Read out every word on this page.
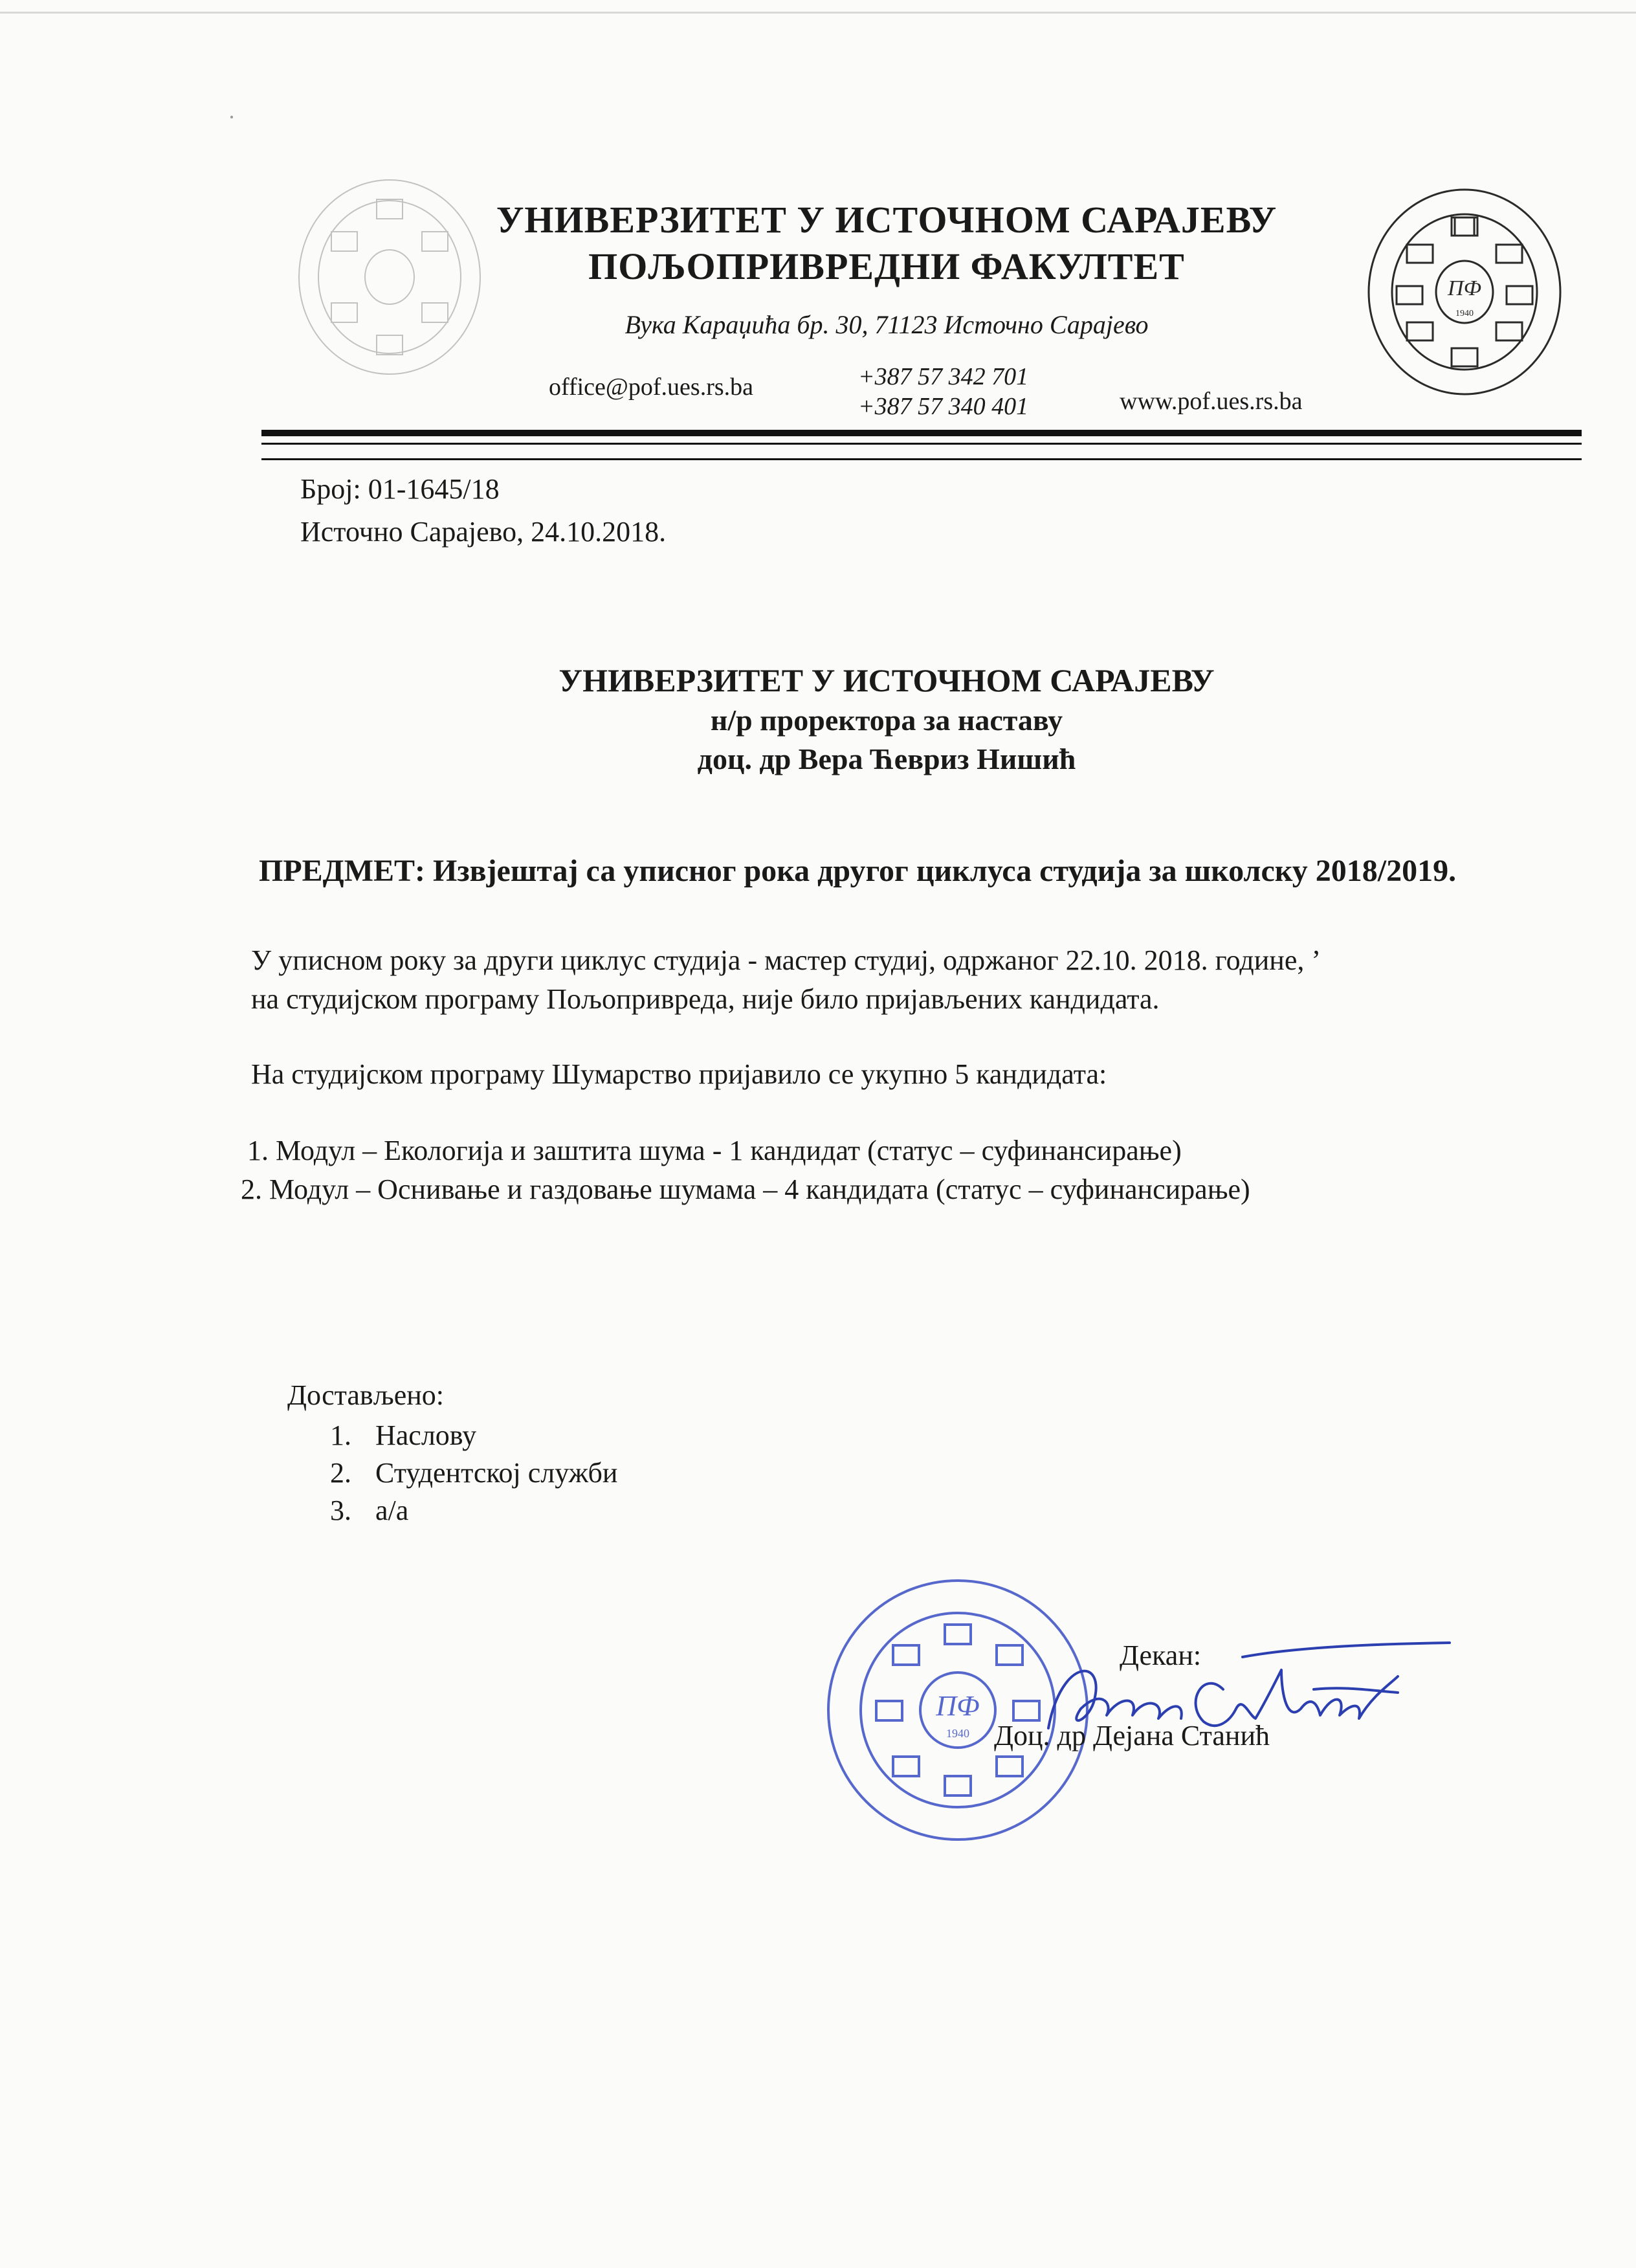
·
УНИВЕРЗИТЕТ У ИСТОЧНОМ САРАЈЕВУ
ПОЉОПРИВРЕДНИ ФАКУЛТЕТ
Вука Караџића бр. 30, 71123 Источно Сарајево
office@pof.ues.rs.ba	+387 57 342 701
+387 57 340 401	www.pof.ues.rs.ba
ПФ
1940
Број: 01-1645/18
Источно Сарајево, 24.10.2018.
УНИВЕРЗИТЕТ У ИСТОЧНОМ САРАЈЕВУ
н/р проректора за наставу
доц. др Вера Ћевриз Нишић
ПРЕДМЕТ: Извјештај са уписног рока другог циклуса студија за школску 2018/2019.
У уписном року за други циклус студија - мастер студиј, одржаног 22.10. 2018. године, ’
на студијском програму Пољопривреда, није било пријављених кандидата.
На студијском програму Шумарство пријавило се укупно 5 кандидата:
1. Модул – Екологија и заштита шума - 1 кандидат (статус – суфинансирање)
2. Модул – Оснивање и газдовање шумама – 4 кандидата (статус – суфинансирање)
Достављено:
1. Наслову
2. Студентској служби
3. а/а
ПФ
1940
Декан:
Доц. др Дејана Станић
